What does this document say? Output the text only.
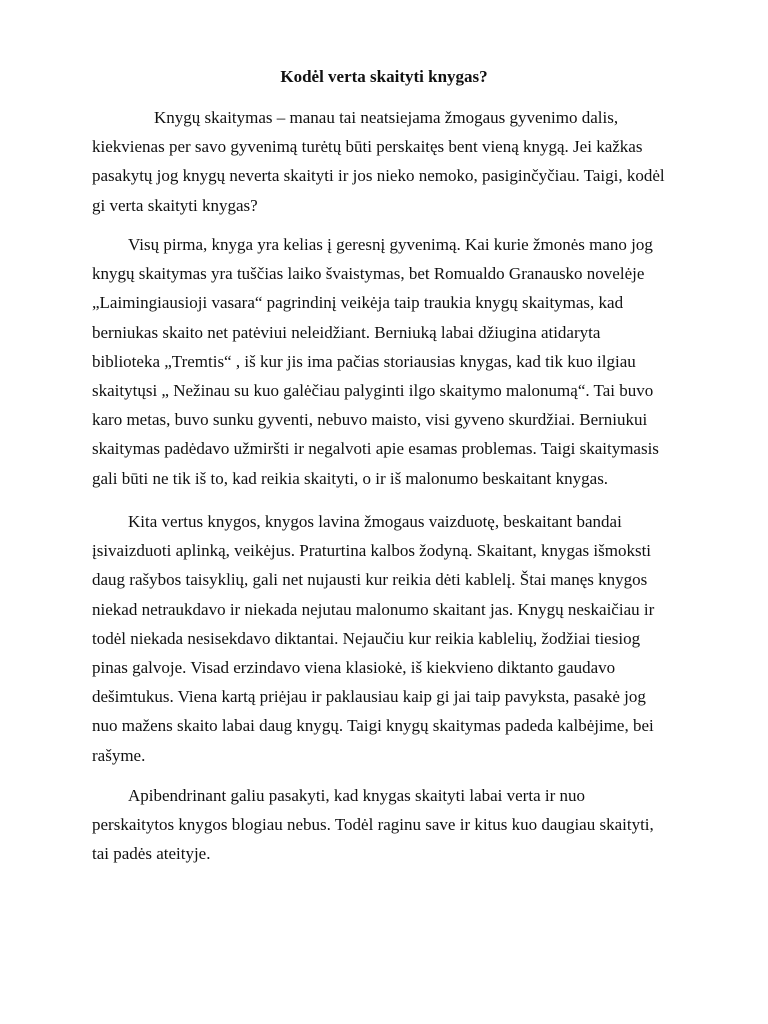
Kodėl verta skaityti knygas?
Knygų skaitymas – manau tai neatsiejama žmogaus gyvenimo dalis,
kiekvienas per savo gyvenimą turėtų būti perskaitęs bent vieną knygą. Jei kažkas
pasakytų jog knygų neverta skaityti ir jos nieko nemoko, pasiginčyčiau. Taigi, kodėl
gi verta skaityti knygas?
Visų pirma, knyga yra kelias į geresnį gyvenimą. Kai kurie žmonės mano jog
knygų skaitymas yra tuščias laiko švaistymas, bet Romualdo Granausko novelėje
„Laimingiausioji vasara“ pagrindinį veikėja taip traukia knygų skaitymas, kad
berniukas skaito net patėviui neleidžiant. Berniuką labai džiugina atidaryta
biblioteka „Tremtis“ , iš kur jis ima pačias storiausias knygas, kad tik kuo ilgiau
skaitytųsi „ Nežinau su kuo galėčiau palyginti ilgo skaitymo malonumą“. Tai buvo
karo metas, buvo sunku gyventi, nebuvo maisto, visi gyveno skurdžiai. Berniukui
skaitymas padėdavo užmiršti ir negalvoti apie esamas problemas. Taigi skaitymasis
gali būti ne tik iš to, kad reikia skaityti, o ir iš malonumo beskaitant knygas.
Kita vertus knygos, knygos lavina žmogaus vaizduotę, beskaitant bandai
įsivaizduoti aplinką, veikėjus. Praturtina kalbos žodyną. Skaitant, knygas išmoksti
daug rašybos taisyklių, gali net nujausti kur reikia dėti kablelį. Štai manęs knygos
niekad netraukdavo ir niekada nejutau malonumo skaitant jas. Knygų neskaičiau ir
todėl niekada nesisekdavo diktantai. Nejaučiu kur reikia kablelių, žodžiai tiesiog
pinas galvoje. Visad erzindavo viena klasiokė, iš kiekvieno diktanto gaudavo
dešimtukus. Viena kartą priėjau ir paklausiau kaip gi jai taip pavyksta, pasakė jog
nuo mažens skaito labai daug knygų. Taigi knygų skaitymas padeda kalbėjime, bei
rašyme.
Apibendrinant galiu pasakyti, kad knygas skaityti labai verta ir nuo
perskaitytos knygos blogiau nebus. Todėl raginu save ir kitus kuo daugiau skaityti,
tai padės ateityje.
